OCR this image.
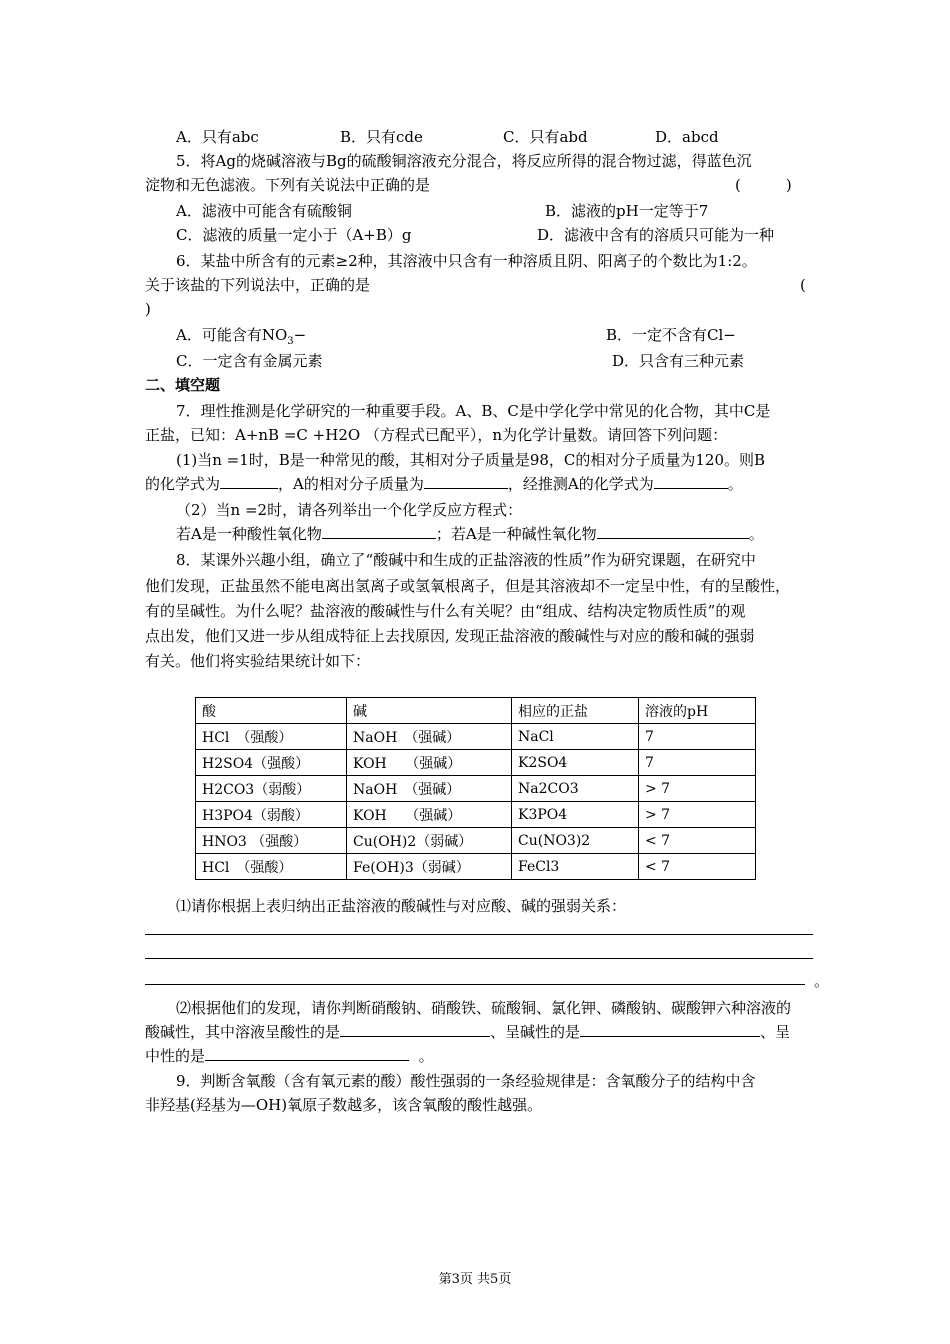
A．只有abc	B．只有cde	C．只有abd	D．abcd
5．将Ag的烧碱溶液与Bg的硫酸铜溶液充分混合，将反应所得的混合物过滤，得蓝色沉
淀物和无色滤液。下列有关说法中正确的是	(　　　)
A．滤液中可能含有硫酸铜	B．滤液的pH一定等于7
C．滤液的质量一定小于（A+B）g	D．滤液中含有的溶质只可能为一种
6．某盐中所含有的元素≥2种，其溶液中只含有一种溶质且阴、阳离子的个数比为1:2。
关于该盐的下列说法中，正确的是	(
)
A．可能含有$NO_3-$	B．一定不含有Cl−
C．一定含有金属元素	D．只含有三种元素
二、填空题
7．理性推测是化学研究的一种重要手段。A、B、C是中学化学中常见的化合物，其中C是
正盐，已知：A+nB =C +H2O （方程式已配平），n为化学计量数。请回答下列问题：
(1)当n =1时，B是一种常见的酸，其相对分子质量是98，C的相对分子质量为120。则B
的化学式为	，A的相对分子质量为	，经推测A的化学式为	。
（2）当n =2时，请各列举出一个化学反应方程式：
若A是一种酸性氧化物	；若A是一种碱性氧化物	。
8．某课外兴趣小组，确立了“酸碱中和生成的正盐溶液的性质”作为研究课题，在研究中
他们发现，正盐虽然不能电离出氢离子或氢氧根离子，但是其溶液却不一定呈中性，有的呈酸性，
有的呈碱性。为什么呢？盐溶液的酸碱性与什么有关呢？由“组成、结构决定物质性质”的观
点出发，他们又进一步从组成特征上去找原因, 发现正盐溶液的酸碱性与对应的酸和碱的强弱
有关。他们将实验结果统计如下：
酸	碱	相应的正盐	溶液的pH
HCl　（强酸）	NaOH　（强碱）	NaCl	7
H2SO4（强酸）	KOH　 （强碱）	K2SO4	7
H2CO3（弱酸）	NaOH　（强碱）	Na2CO3	> 7
H3PO4（弱酸）	KOH　 （强碱）	K3PO4	> 7
HNO3 （强酸）	Cu(OH)2（弱碱）	Cu(NO3)2	< 7
HCl　（强酸）	Fe(OH)3（弱碱）	FeCl3	< 7
⑴请你根据上表归纳出正盐溶液的酸碱性与对应酸、碱的强弱关系：
。
⑵根据他们的发现，请你判断硝酸钠、硝酸铁、硫酸铜、氯化钾、磷酸钠、碳酸钾六种溶液的
酸碱性，其中溶液呈酸性的是	、呈碱性的是	、呈
中性的是	。
9．判断含氧酸（含有氧元素的酸）酸性强弱的一条经验规律是：含氧酸分子的结构中含
非羟基(羟基为—OH)氧原子数越多，该含氧酸的酸性越强。
第3页 共5页
